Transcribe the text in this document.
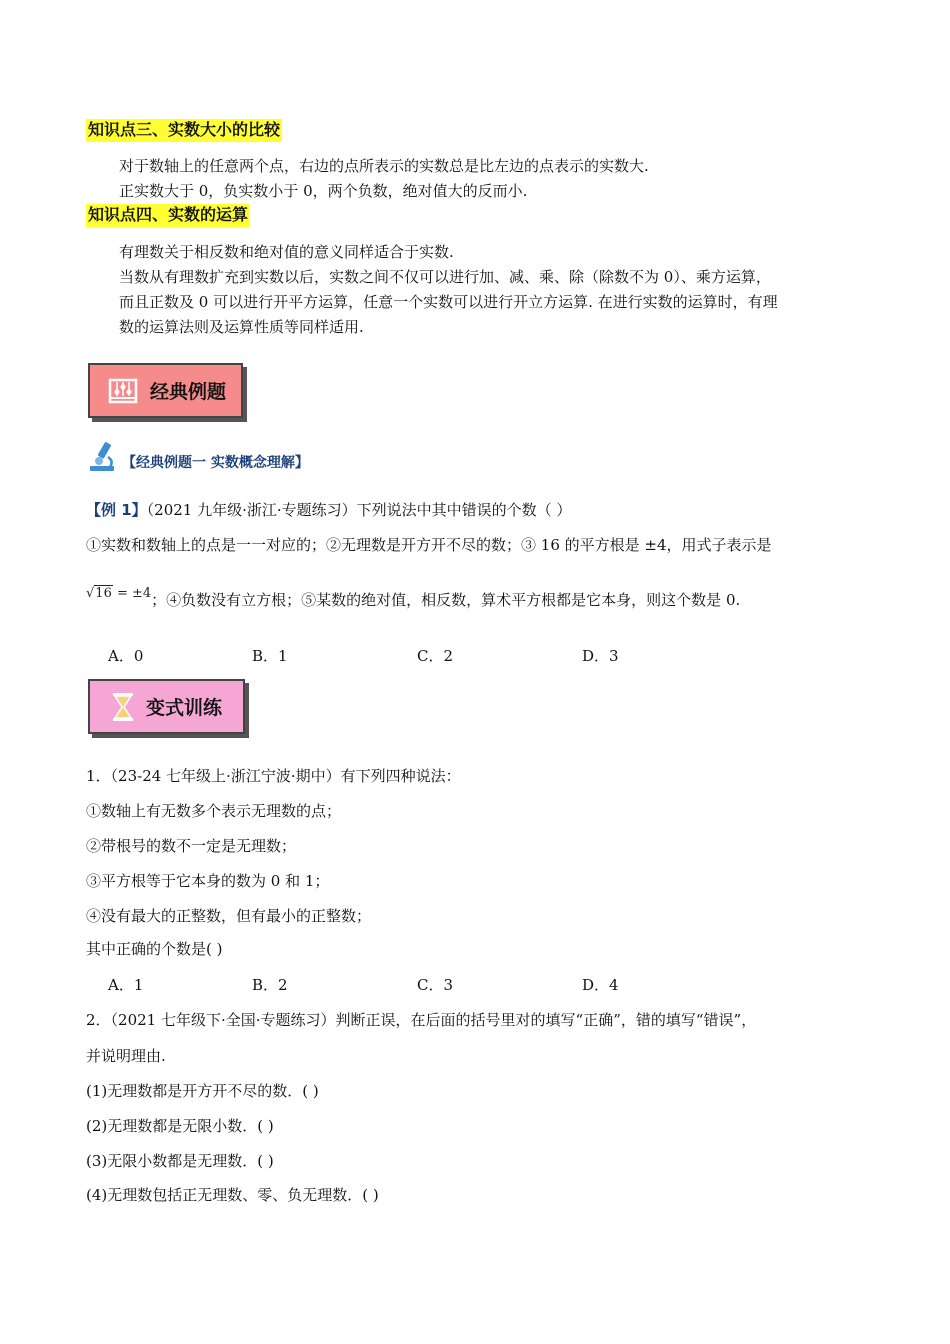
知识点三、实数大小的比较
对于数轴上的任意两个点，右边的点所表示的实数总是比左边的点表示的实数大.
正实数大于 0，负实数小于 0，两个负数，绝对值大的反而小.
知识点四、实数的运算
有理数关于相反数和绝对值的意义同样适合于实数.
当数从有理数扩充到实数以后，实数之间不仅可以进行加、减、乘、除（除数不为 0）、乘方运算，
而且正数及 0 可以进行开平方运算，任意一个实数可以进行开立方运算. 在进行实数的运算时，有理
数的运算法则及运算性质等同样适用.
经典例题
【经典例题一 实数概念理解】
【例 1】（2021 九年级·浙江·专题练习）下列说法中其中错误的个数（ ）
①实数和数轴上的点是一一对应的；②无理数是开方开不尽的数；③ 16 的平方根是 ±4，用式子表示是
√16 = ±4；④负数没有立方根；⑤某数的绝对值，相反数，算术平方根都是它本身，则这个数是 0.
A．0	B．1	C．2	D．3
变式训练
1．（23-24 七年级上·浙江宁波·期中）有下列四种说法：
①数轴上有无数多个表示无理数的点；
②带根号的数不一定是无理数；
③平方根等于它本身的数为 0 和 1；
④没有最大的正整数，但有最小的正整数；
其中正确的个数是( )
A．1	B．2	C．3	D．4
2．（2021 七年级下·全国·专题练习）判断正误，在后面的括号里对的填写“正确”，错的填写“错误”，
并说明理由.
(1)无理数都是开方开不尽的数．( )
(2)无理数都是无限小数．( )
(3)无限小数都是无理数．( )
(4)无理数包括正无理数、零、负无理数．( )
